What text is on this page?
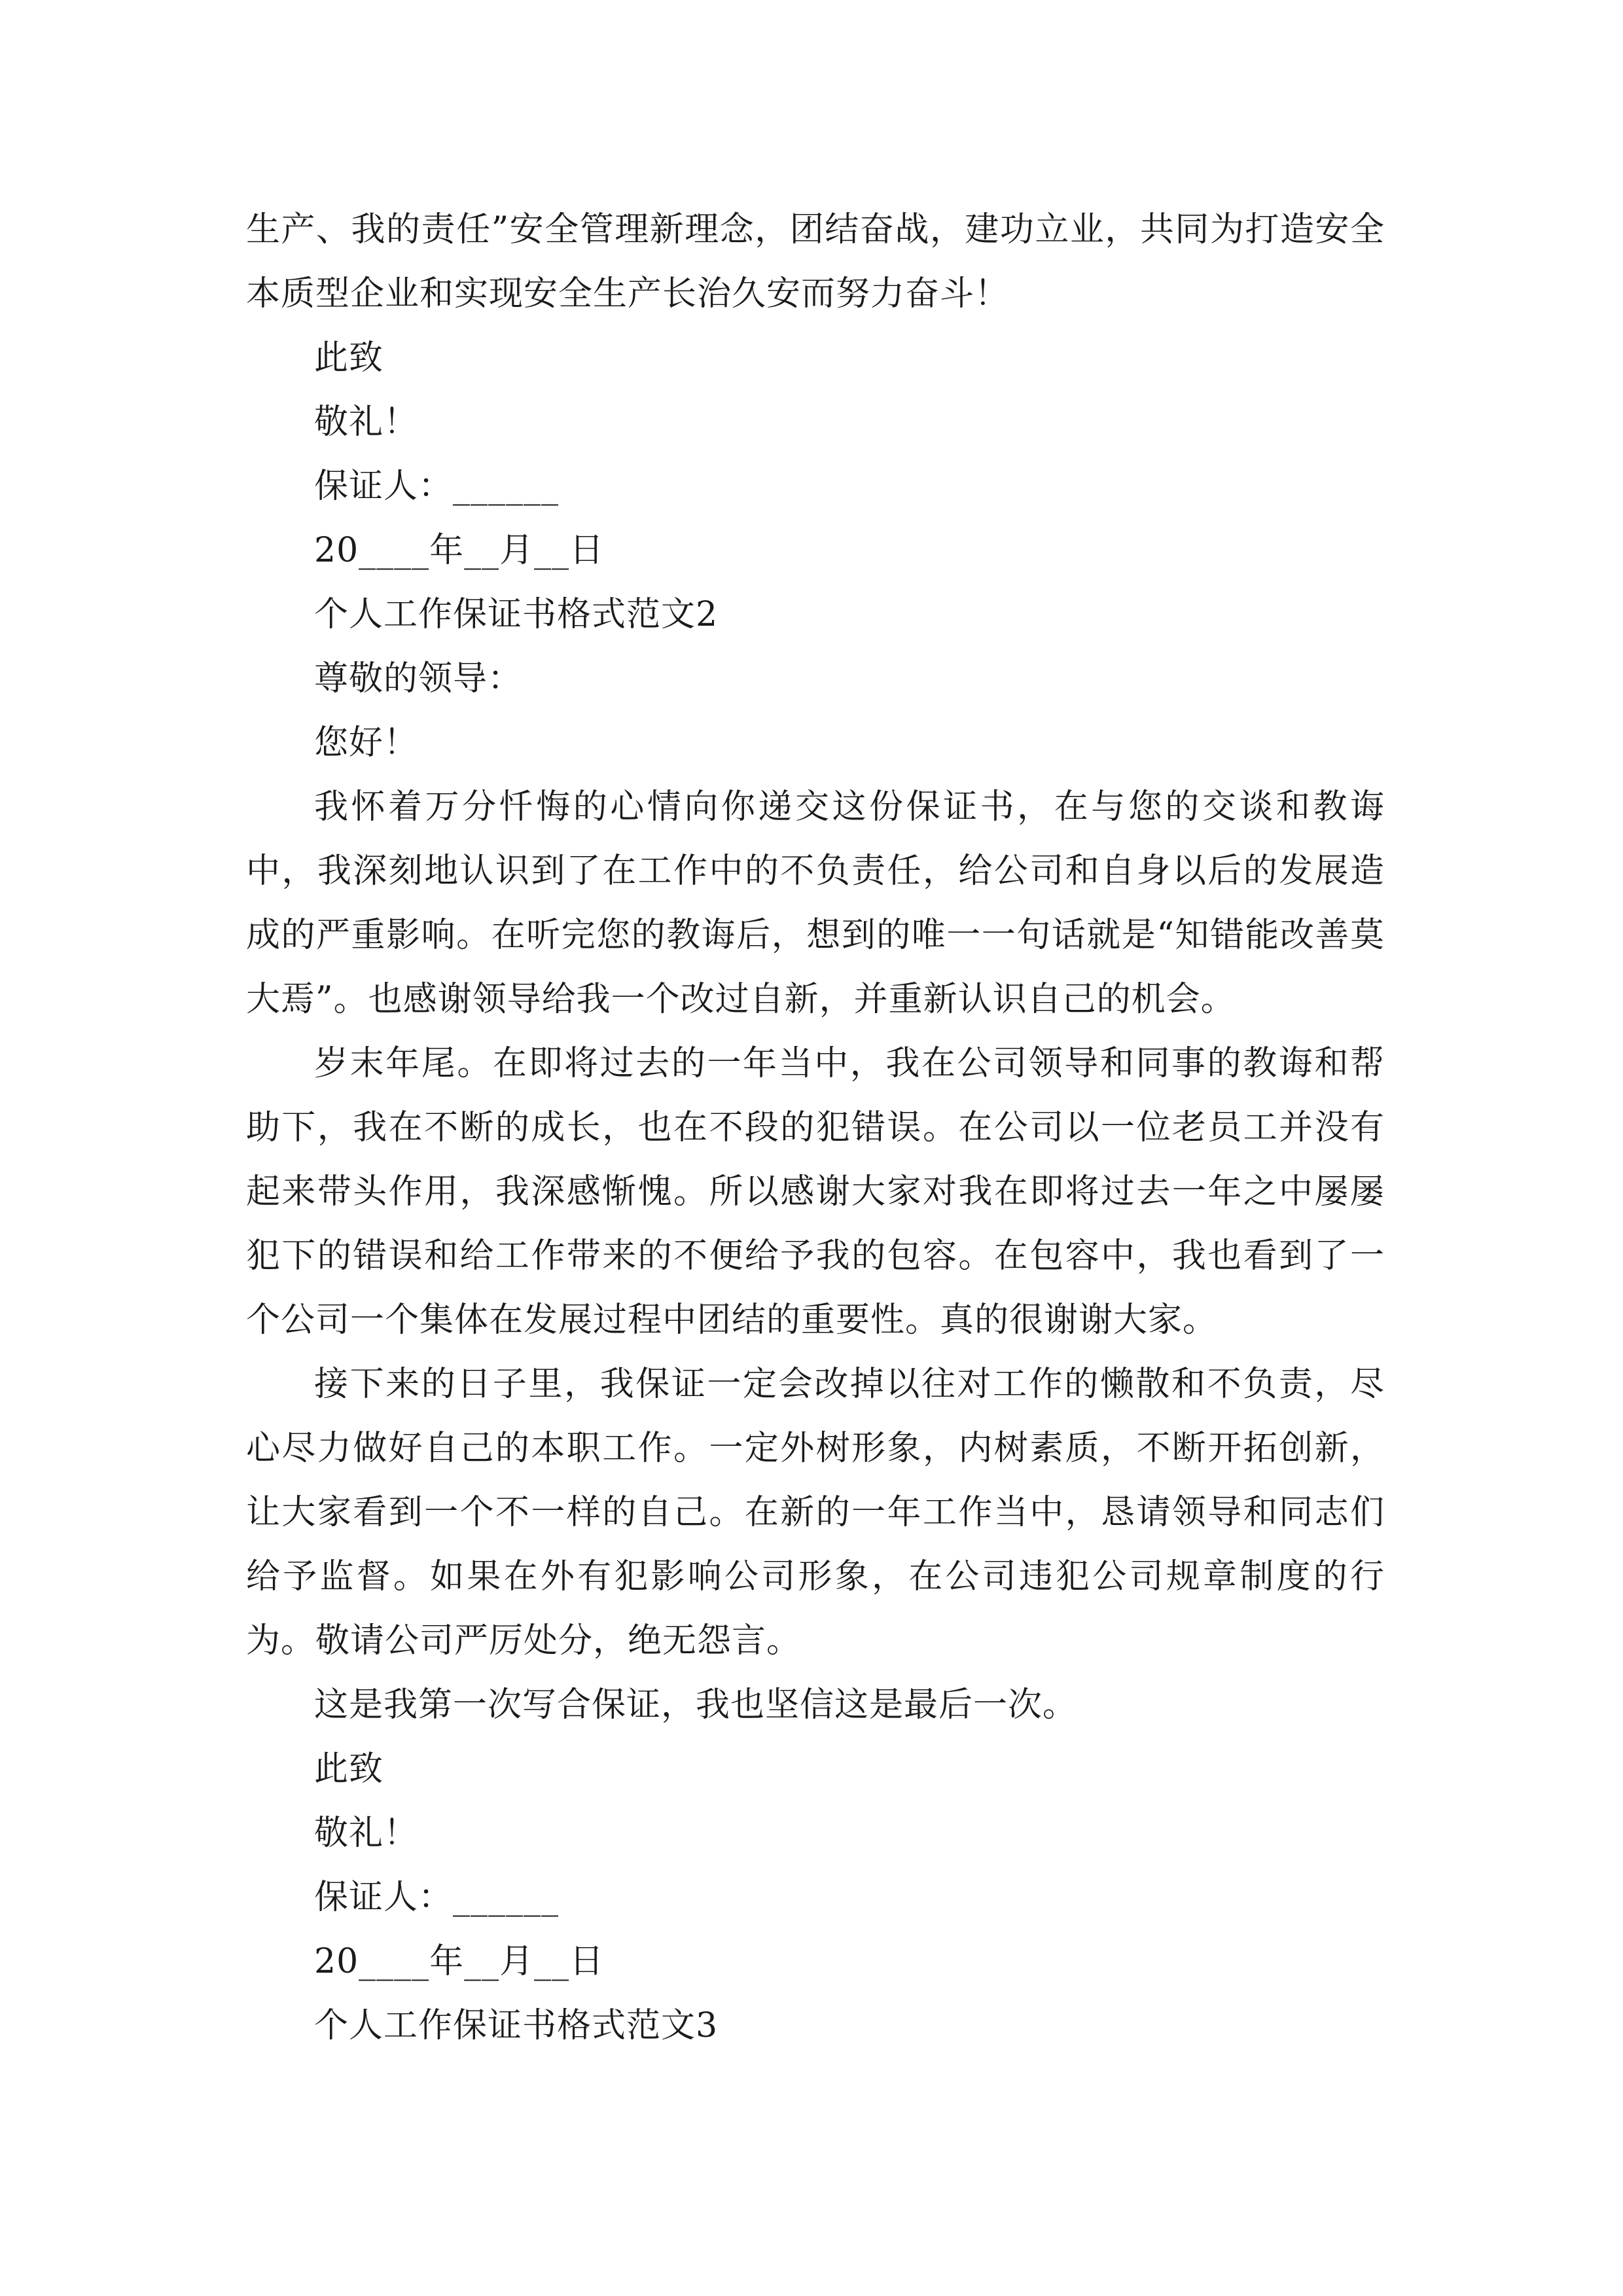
生产、我的责任”安全管理新理念，团结奋战，建功立业，共同为打造安全本质型企业和实现安全生产长治久安而努力奋斗！

此致

敬礼！

保证人：______

20____年__月__日

个人工作保证书格式范文2

尊敬的领导：

您好！

我怀着万分忏悔的心情向你递交这份保证书，在与您的交谈和教诲中，我深刻地认识到了在工作中的不负责任，给公司和自身以后的发展造成的严重影响。在听完您的教诲后，想到的唯一一句话就是“知错能改善莫大焉”。也感谢领导给我一个改过自新，并重新认识自己的机会。

岁末年尾。在即将过去的一年当中，我在公司领导和同事的教诲和帮助下，我在不断的成长，也在不段的犯错误。在公司以一位老员工并没有起来带头作用，我深感惭愧。所以感谢大家对我在即将过去一年之中屡屡犯下的错误和给工作带来的不便给予我的包容。在包容中，我也看到了一个公司一个集体在发展过程中团结的重要性。真的很谢谢大家。

接下来的日子里，我保证一定会改掉以往对工作的懒散和不负责，尽心尽力做好自己的本职工作。一定外树形象，内树素质，不断开拓创新，让大家看到一个不一样的自己。在新的一年工作当中，恳请领导和同志们给予监督。如果在外有犯影响公司形象，在公司违犯公司规章制度的行为。敬请公司严厉处分，绝无怨言。

这是我第一次写合保证，我也坚信这是最后一次。

此致

敬礼！

保证人：______

20____年__月__日

个人工作保证书格式范文3
